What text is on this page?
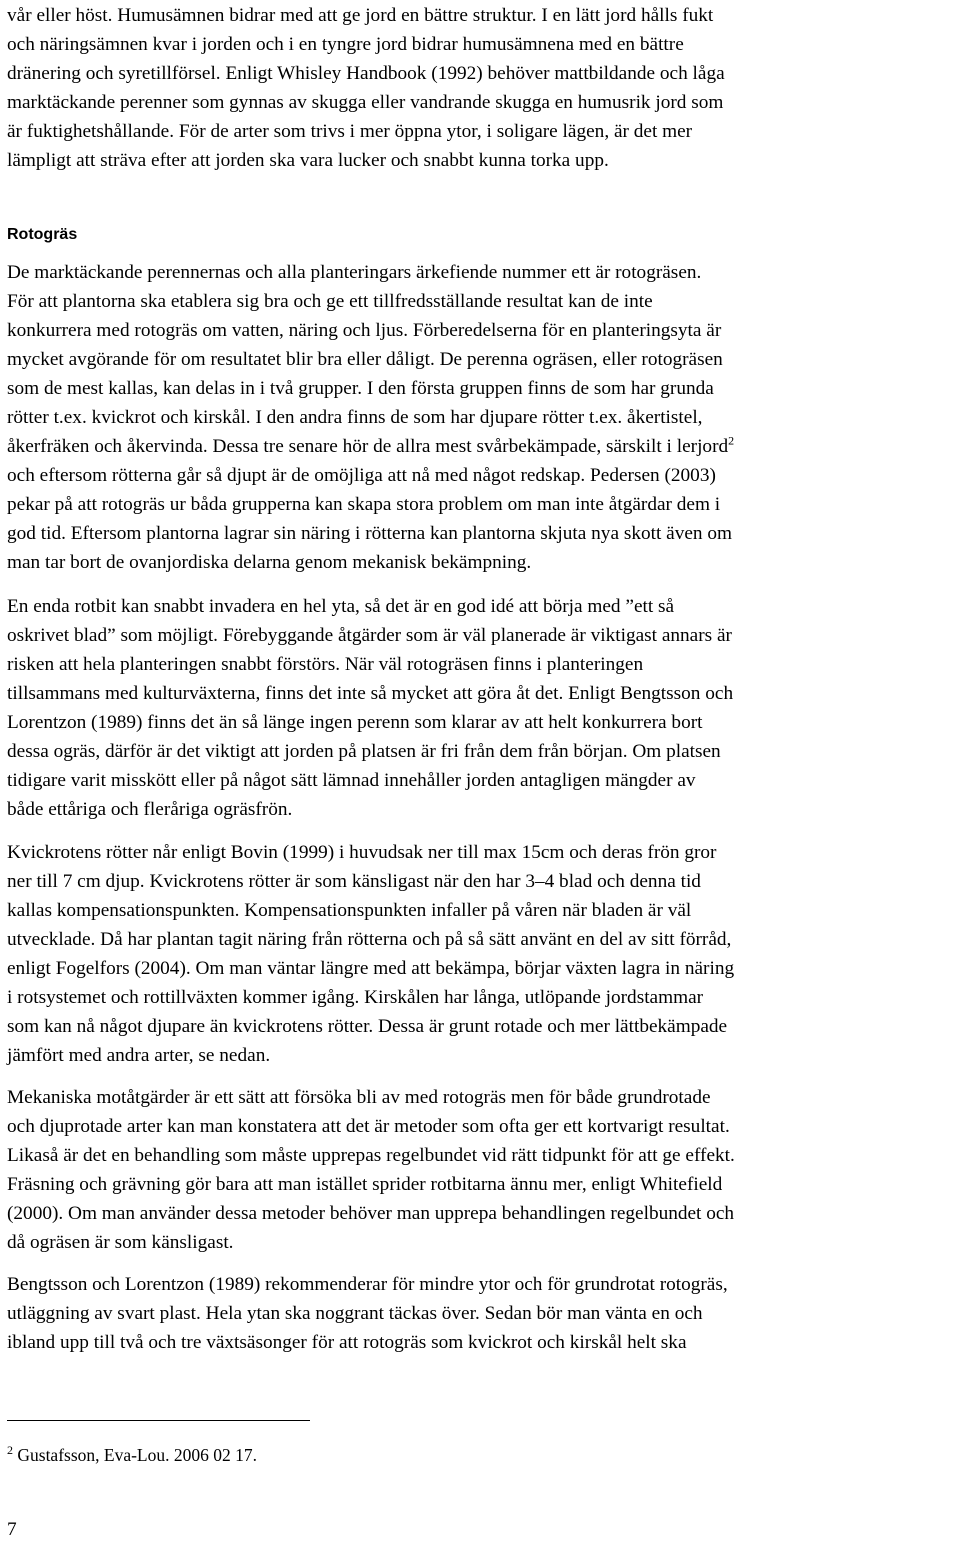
vår eller höst. Humusämnen bidrar med att ge jord en bättre struktur. I en lätt jord hålls fukt

och näringsämnen kvar i jorden och i en tyngre jord bidrar humusämnena med en bättre

dränering och syretillförsel. Enligt Whisley Handbook (1992) behöver mattbildande och låga

marktäckande perenner som gynnas av skugga eller vandrande skugga en humusrik jord som

är fuktighetshållande. För de arter som trivs i mer öppna ytor, i soligare lägen, är det mer

lämpligt att sträva efter att jorden ska vara lucker och snabbt kunna torka upp.

Rotogräs

De marktäckande perennernas och alla planteringars ärkefiende nummer ett är rotogräsen.

För att plantorna ska etablera sig bra och ge ett tillfredsställande resultat kan de inte

konkurrera med rotogräs om vatten, näring och ljus. Förberedelserna för en planteringsyta är

mycket avgörande för om resultatet blir bra eller dåligt. De perenna ogräsen, eller rotogräsen

som de mest kallas, kan delas in i två grupper. I den första gruppen finns de som har grunda

rötter t.ex. kvickrot och kirskål. I den andra finns de som har djupare rötter t.ex. åkertistel,

åkerfräken och åkervinda. Dessa tre senare hör de allra mest svårbekämpade, särskilt i lerjord$^2$

och eftersom rötterna går så djupt är de omöjliga att nå med något redskap. Pedersen (2003)

pekar på att rotogräs ur båda grupperna kan skapa stora problem om man inte åtgärdar dem i

god tid. Eftersom plantorna lagrar sin näring i rötterna kan plantorna skjuta nya skott även om

man tar bort de ovanjordiska delarna genom mekanisk bekämpning.

En enda rotbit kan snabbt invadera en hel yta, så det är en god idé att börja med ”ett så

oskrivet blad” som möjligt. Förebyggande åtgärder som är väl planerade är viktigast annars är

risken att hela planteringen snabbt förstörs. När väl rotogräsen finns i planteringen

tillsammans med kulturväxterna, finns det inte så mycket att göra åt det. Enligt Bengtsson och

Lorentzon (1989) finns det än så länge ingen perenn som klarar av att helt konkurrera bort

dessa ogräs, därför är det viktigt att jorden på platsen är fri från dem från början. Om platsen

tidigare varit misskött eller på något sätt lämnad innehåller jorden antagligen mängder av

både ettåriga och fleråriga ogräsfrön.

Kvickrotens rötter når enligt Bovin (1999) i huvudsak ner till max 15cm och deras frön gror

ner till 7 cm djup. Kvickrotens rötter är som känsligast när den har 3–4 blad och denna tid

kallas kompensationspunkten. Kompensationspunkten infaller på våren när bladen är väl

utvecklade. Då har plantan tagit näring från rötterna och på så sätt använt en del av sitt förråd,

enligt Fogelfors (2004). Om man väntar längre med att bekämpa, börjar växten lagra in näring

i rotsystemet och rottillväxten kommer igång. Kirskålen har långa, utlöpande jordstammar

som kan nå något djupare än kvickrotens rötter. Dessa är grunt rotade och mer lättbekämpade

jämfört med andra arter, se nedan.

Mekaniska motåtgärder är ett sätt att försöka bli av med rotogräs men för både grundrotade

och djuprotade arter kan man konstatera att det är metoder som ofta ger ett kortvarigt resultat.

Likaså är det en behandling som måste upprepas regelbundet vid rätt tidpunkt för att ge effekt.

Fräsning och grävning gör bara att man istället sprider rotbitarna ännu mer, enligt Whitefield

(2000). Om man använder dessa metoder behöver man upprepa behandlingen regelbundet och

då ogräsen är som känsligast.

Bengtsson och Lorentzon (1989) rekommenderar för mindre ytor och för grundrotat rotogräs,

utläggning av svart plast. Hela ytan ska noggrant täckas över. Sedan bör man vänta en och

ibland upp till två och tre växtsäsonger för att rotogräs som kvickrot och kirskål helt ska

$^2$ Gustafsson, Eva-Lou. 2006 02 17.
7
